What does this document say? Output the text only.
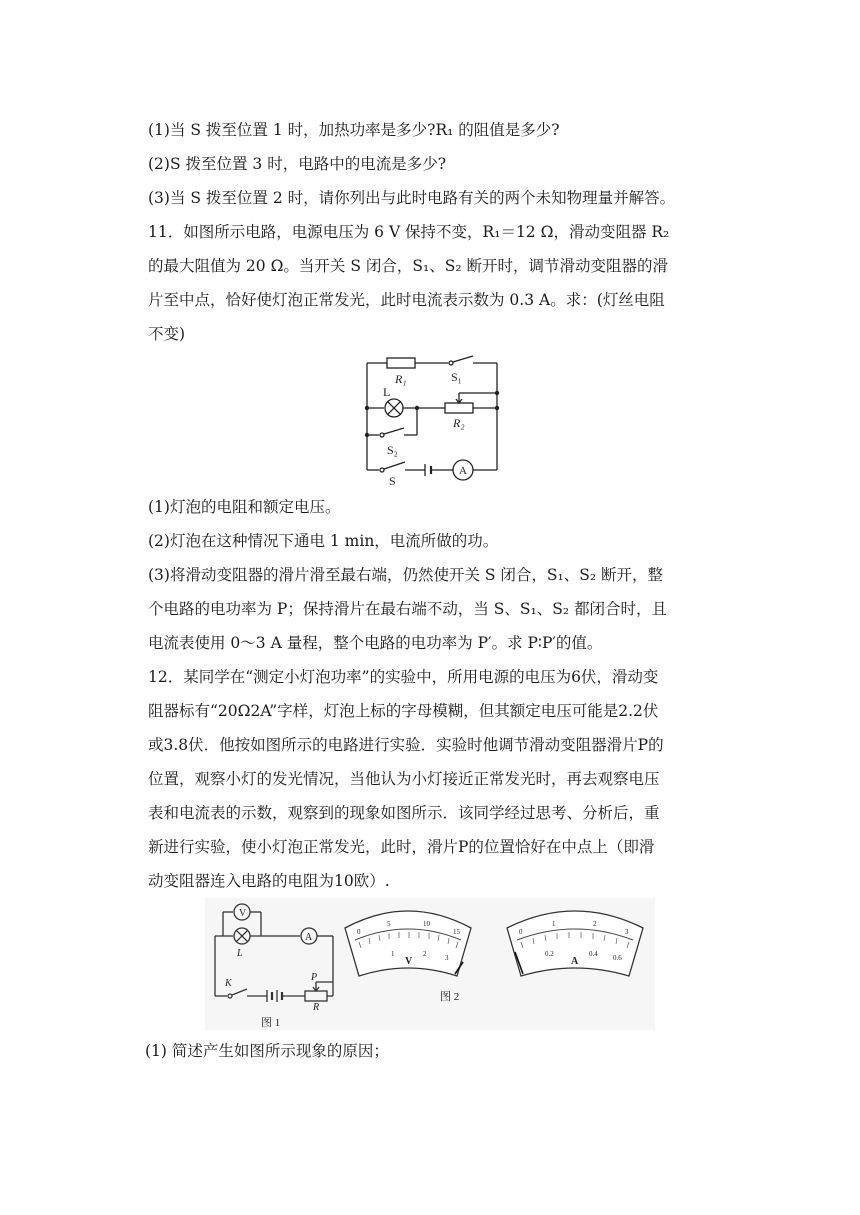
(1)当 S 拨至位置 1 时，加热功率是多少?R₁ 的阻值是多少?
(2)S 拨至位置 3 时，电路中的电流是多少?
(3)当 S 拨至位置 2 时，请你列出与此时电路有关的两个未知物理量并解答。
11．如图所示电路，电源电压为 6 V 保持不变，R₁＝12 Ω，滑动变阻器 R₂
的最大阻值为 20 Ω。当开关 S 闭合，S₁、S₂ 断开时，调节滑动变阻器的滑
片至中点，恰好使灯泡正常发光，此时电流表示数为 0.3 A。求：(灯丝电阻
不变)
R₁	S₁
L
R₂
S₂
S
A
(1)灯泡的电阻和额定电压。
(2)灯泡在这种情况下通电 1 min，电流所做的功。
(3)将滑动变阻器的滑片滑至最右端，仍然使开关 S 闭合，S₁、S₂ 断开，整
个电路的电功率为 P；保持滑片在最右端不动，当 S、S₁、S₂ 都闭合时，且
电流表使用 0～3 A 量程，整个电路的电功率为 P′。求 P∶P′的值。
12．某同学在“测定小灯泡功率”的实验中，所用电源的电压为6伏，滑动变
阻器标有“20Ω2A”字样，灯泡上标的字母模糊，但其额定电压可能是2.2伏
或3.8伏．他按如图所示的电路进行实验．实验时他调节滑动变阻器滑片P的
位置，观察小灯的发光情况，当他认为小灯接近正常发光时，再去观察电压
表和电流表的示数，观察到的现象如图所示．该同学经过思考、分析后，重
新进行实验，使小灯泡正常发光，此时，滑片P的位置恰好在中点上（即滑
动变阻器连入电路的电阻为10欧）.
V
L
A
K
P
R
图 1
0
5	10
15
1	2	3
V
0
1	2
3
0.2	0.4 0.6
A
图 2
(1) 简述产生如图所示现象的原因；
